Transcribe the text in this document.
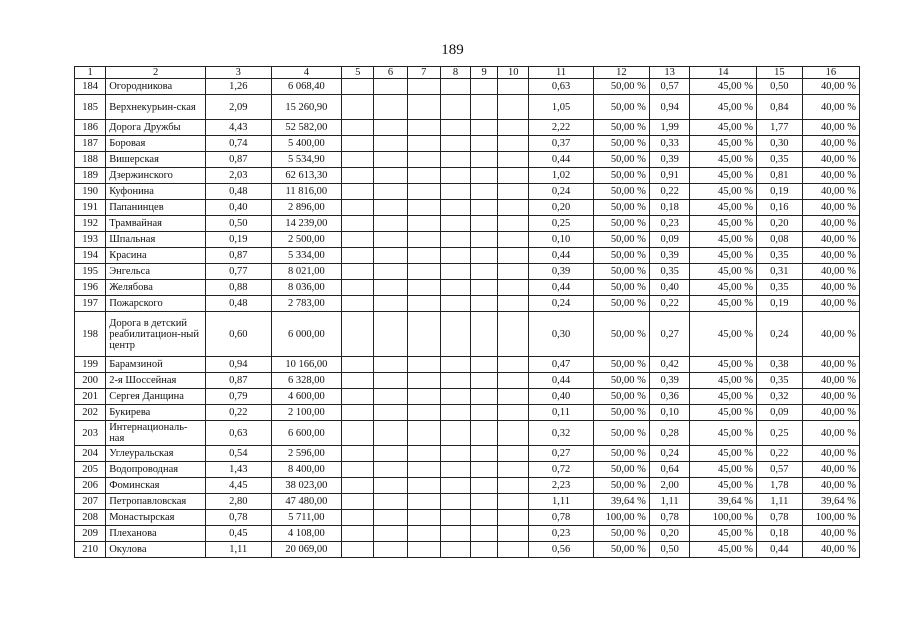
189
1	2	3	4	5	6	7	8	9	10	11	12	13	14	15	16
184	Огородникова	1,26	6 068,40							0,63	50,00 %	0,57	45,00 %	0,50	40,00 %
185	Верхнекурьин-ская	2,09	15 260,90							1,05	50,00 %	0,94	45,00 %	0,84	40,00 %
186	Дорога Дружбы	4,43	52 582,00							2,22	50,00 %	1,99	45,00 %	1,77	40,00 %
187	Боровая	0,74	5 400,00							0,37	50,00 %	0,33	45,00 %	0,30	40,00 %
188	Вишерская	0,87	5 534,90							0,44	50,00 %	0,39	45,00 %	0,35	40,00 %
189	Дзержинского	2,03	62 613,30							1,02	50,00 %	0,91	45,00 %	0,81	40,00 %
190	Куфонина	0,48	11 816,00							0,24	50,00 %	0,22	45,00 %	0,19	40,00 %
191	Папанинцев	0,40	2 896,00							0,20	50,00 %	0,18	45,00 %	0,16	40,00 %
192	Трамвайная	0,50	14 239,00							0,25	50,00 %	0,23	45,00 %	0,20	40,00 %
193	Шпальная	0,19	2 500,00							0,10	50,00 %	0,09	45,00 %	0,08	40,00 %
194	Красина	0,87	5 334,00							0,44	50,00 %	0,39	45,00 %	0,35	40,00 %
195	Энгельса	0,77	8 021,00							0,39	50,00 %	0,35	45,00 %	0,31	40,00 %
196	Желябова	0,88	8 036,00							0,44	50,00 %	0,40	45,00 %	0,35	40,00 %
197	Пожарского	0,48	2 783,00							0,24	50,00 %	0,22	45,00 %	0,19	40,00 %
198	Дорога в детский реабилитацион-ный центр	0,60	6 000,00							0,30	50,00 %	0,27	45,00 %	0,24	40,00 %
199	Барамзиной	0,94	10 166,00							0,47	50,00 %	0,42	45,00 %	0,38	40,00 %
200	2-я Шоссейная	0,87	6 328,00							0,44	50,00 %	0,39	45,00 %	0,35	40,00 %
201	Сергея Данщина	0,79	4 600,00							0,40	50,00 %	0,36	45,00 %	0,32	40,00 %
202	Букирева	0,22	2 100,00							0,11	50,00 %	0,10	45,00 %	0,09	40,00 %
203	Интернациональ-ная	0,63	6 600,00							0,32	50,00 %	0,28	45,00 %	0,25	40,00 %
204	Углеуральская	0,54	2 596,00							0,27	50,00 %	0,24	45,00 %	0,22	40,00 %
205	Водопроводная	1,43	8 400,00							0,72	50,00 %	0,64	45,00 %	0,57	40,00 %
206	Фоминская	4,45	38 023,00							2,23	50,00 %	2,00	45,00 %	1,78	40,00 %
207	Петропавловская	2,80	47 480,00							1,11	39,64 %	1,11	39,64 %	1,11	39,64 %
208	Монастырская	0,78	5 711,00							0,78	100,00 %	0,78	100,00 %	0,78	100,00 %
209	Плеханова	0,45	4 108,00							0,23	50,00 %	0,20	45,00 %	0,18	40,00 %
210	Окулова	1,11	20 069,00							0,56	50,00 %	0,50	45,00 %	0,44	40,00 %
